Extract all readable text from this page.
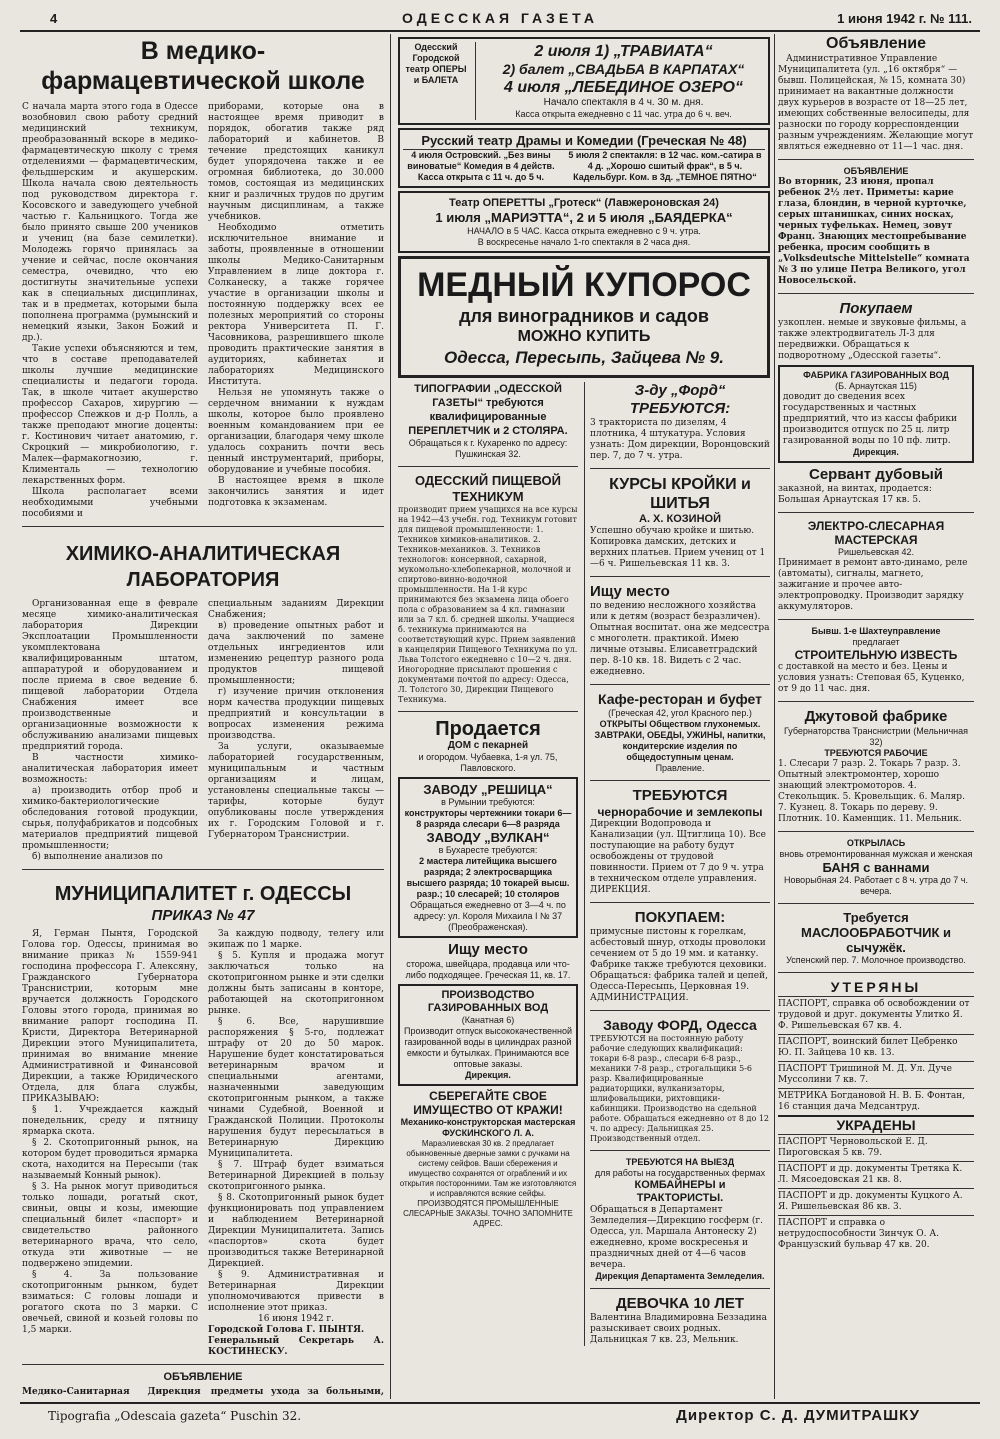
4	ОДЕССКАЯ ГАЗЕТА	1 июня 1942 г. № 111.

В медико-фармацевтической школе

С начала марта этого года в Одессе возобновил свою работу средний медицинский техникум, преобразованный вскоре в медико-фармацевтическую школу с тремя отделениями — фармацевтическим, фельдшерским и акушерским. Школа начала свою деятельность под руководством директора г. Косовского и заведующего учебной частью г. Кальницкого. Тогда же было принято свыше 200 учеников и учениц (на базе семилетки). Молодежь горячо принялась за учение и сейчас, после окончания семестра, очевидно, что ею достигнуты значительные успехи как в специальных дисциплинах, так и в предметах, которыми была пополнена программа (румынский и немецкий языки, Закон Божий и др.).

Такие успехи объясняются и тем, что в составе преподавателей школы лучшие медицинские специалисты и педагоги города. Так, в школе читает акушерство профессор Сахаров, хирургию — профессор Спежков и д-р Полль, а также преподают многие доценты: г. Костинович читает анатомию, г. Скроцкий — микробиологию, г. Малек—фармакогнозию, г. Клименталь — технологию лекарственных форм.

Школа располагает всеми необходимыми учебными пособиями и

приборами, которые она в настоящее время приводит в порядок, обогатив также ряд лабораторий и кабинетов. В течение предстоящих каникул будет упорядочена также и ее огромная библиотека, до 30.000 томов, состоящая из медицинских книг и различных трудов по другим научным дисциплинам, а также учебников.

Необходимо отметить исключительное внимание и заботы, проявленные в отношении школы Медико-Санитарным Управлением в лице доктора г. Солканеску, а также горячее участие в организации школы и постоянную поддержку всех ее полезных мероприятий со стороны ректора Университета П. Г. Часовникова, разрешившего школе проводить практические занятия в аудиториях, кабинетах и лабораториях Медицинского Института.

Нельзя не упомянуть также о сердечном внимании к нуждам школы, которое было проявлено военным командованием при ее организации, благодаря чему школе удалось сохранить почти весь ценный инструментарий, приборы, оборудование и учебные пособия.

В настоящее время в школе закончились занятия и идет подготовка к экзаменам.

ХИМИКО-АНАЛИТИЧЕСКАЯ ЛАБОРАТОРИЯ

Организованная еще в феврале месяце химико-аналитическая лаборатория Дирекции Эксплоатации Промышленности укомплектована квалифицированным штатом, аппаратурой и оборудованием и после приема в свое ведение б. пищевой лаборатории Отдела Снабжения имеет все производственные и организационные возможности к обслуживанию анализами пищевых предприятий города.

В частности химико-аналитическая лаборатория имеет возможность:

а) производить отбор проб и химико-бактериологические обследования готовой продукции, сырья, полуфабрикатов и подсобных материалов предприятий пищевой промышленности;

б) выполнение анализов по

специальным заданиям Дирекции Снабжения;

в) проведение опытных работ и дача заключений по замене отдельных ингредиентов или изменению рецептур разного рода продуктов пищевой промышленности;

г) изучение причин отклонения норм качества продукции пищевых предприятий и консультации в вопросах изменения режима производства.

За услуги, оказываемые лабораторией государственным, муниципальным и частным организациям и лицам, установлены специальные таксы — тарифы, которые будут опубликованы после утверждения их г. Городским Головой и г. Губернатором Транснистрии.

МУНИЦИПАЛИТЕТ г. ОДЕССЫ

ПРИКАЗ № 47

Я, Герман Пынтя, Городской Голова гор. Одессы, принимая во внимание приказ № 1559-941 господина профессора Г. Алексяну, Гражданского Губернатора Транснистрии, которым мне вручается должность Городского Головы этого города, принимая во внимание рапорт господина П. Кристи, Директора Ветеринарной Дирекции этого Муниципалитета, принимая во внимание мнение Административной и Финансовой Дирекции, а также Юридического Отдела, для блага службы, ПРИКАЗЫВАЮ:

§ 1. Учреждается каждый понедельник, среду и пятницу ярмарка скота.

§ 2. Скотопригонный рынок, на котором будет проводиться ярмарка скота, находится на Пересыпи (так называемый Конный рынок).

§ 3. На рынок могут приводиться только лошади, рогатый скот, свиньи, овцы и козы, имеющие специальный билет «паспорт» и свидетельство районного ветеринарного врача, что село, откуда эти животные — не подвержено эпидемии.

§ 4. За пользование скотопригонным рынком, будет взиматься: С головы лошади и рогатого скота по 3 марки. С овечьей, свиной и козьей головы по 1,5 марки.

За каждую подводу, телегу или экипаж по 1 марке.

§ 5. Купля и продажа могут заключаться только на скотопригонном рынке и эти сделки должны быть записаны в конторе, работающей на скотопригонном рынке.

§ 6. Все, нарушившие распоряжения § 5-го, подлежат штрафу от 20 до 50 марок. Нарушение будет констатироваться ветеринарным врачом и специальными агентами, назначенными заведующим скотопригонным рынком, а также чинами Судебной, Военной и Гражданской Полиции. Протоколы нарушения будут пересылаться в Ветеринарную Дирекцию Муниципалитета.

§ 7. Штраф будет взиматься Ветеринарной Дирекцией в пользу скотопригонного рынка.

§ 8. Скотопригонный рынок будет функционировать под управлением и наблюдением Ветеринарной Дирекции Муниципалитета. Запись «паспортов» скота будет производиться также Ветеринарной Дирекцией.

§ 9. Административная и Ветеринарная Дирекции уполномочиваются привести в исполнение этот приказ.

16 июня 1942 г.

Городской Голова Г. ПЫНТЯ.

Генеральный Секретарь А. КОСТИНЕСКУ.

ОБЪЯВЛЕНИЕ

Медико-Санитарная Дирекция предметы ухода за больными,

Одесский Городской театр ОПЕРЫ и БАЛЕТА

2 июля 1) „ТРАВИАТА“

2) балет „СВАДЬБА В КАРПАТАХ“

4 июля „ЛЕБЕДИНОЕ ОЗЕРО“

Начало спектакля в 4 ч. 30 м. дня.

Касса открыта ежедневно с 11 час. утра до 6 ч. веч.

Русский театр Драмы и Комедии (Греческая № 48)

4 июля Островский. „Без вины виноватые“ Комедия в 4 действ. Касса открыта с 11 ч. до 5 ч.

5 июля 2 спектакля: в 12 час. ком.-сатира в 4 д. „Хорошо сшитый фрак“, в 5 ч. Кадельбург. Ком. в 3д. „ТЕМНОЕ ПЯТНО“

Театр ОПЕРЕТТЫ „Гротеск“ (Лавжероновская 24)

1 июля „МАРИЭТТА“, 2 и 5 июля „БАЯДЕРКА“

НАЧАЛО в 5 ЧАС. Касса открыта ежедневно с 9 ч. утра.

В воскресенье начало 1-го спектакля в 2 часа дня.

МЕДНЫЙ КУПОРОС

для виноградников и садов

МОЖНО КУПИТЬ

Одесса, Пересыпь, Зайцева № 9.

ТИПОГРАФИИ „ОДЕССКОЙ ГАЗЕТЫ“ требуются квалифицированные ПЕРЕПЛЕТЧИК и 2 СТОЛЯРА.

Обращаться к г. Кухаренко по адресу: Пушкинская 32.

ОДЕССКИЙ ПИЩЕВОЙ ТЕХНИКУМ

производит прием учащихся на все курсы на 1942—43 учебн. год. Техникум готовит для пищевой промышленности: 1. Техников химиков-аналитиков. 2. Техников-механиков. 3. Техников технологов: консервной, сахарной, мукомольно-хлебопекарной, молочной и спиртово-винно-водочной промышленности. На 1-й курс принимаются без экзамена лица обоего пола с образованием за 4 кл. гимназии или за 7 кл. б. средней школы. Учащиеся б. техникума принимаются на соответствующий курс. Прием заявлений в канцелярии Пищевого Техникума по ул. Льва Толстого ежедневно с 10—2 ч. дня. Иногородние присылают прошения с документами почтой по адресу: Одесса, Л. Толстого 30, Дирекции Пищевого Техникума.

Продается

ДОМ с пекарней

и огородом. Чубаевка, 1-я ул. 75, Павловского.

ЗАВОДУ „РЕШИЦА“

в Румынии требуются:

конструкторы чертежники токари 6—8 разряда слесари 6—8 разряда

ЗАВОДУ „ВУЛКАН“

в Бухаресте требуются:

2 мастера литейщика высшего разряда; 2 электросварщика высшего разряда; 10 токарей высш. разр.; 10 слесарей; 10 столяров

Обращаться ежедневно от 3—4 ч. по адресу: ул. Короля Михаила I № 37 (Преображенская).

Ищу место

сторожа, швейцара, продавца или что-либо подходящее. Греческая 11, кв. 17.

ПРОИЗВОДСТВО ГАЗИРОВАННЫХ ВОД

(Канатная 6)

Производит отпуск высококачественной газированной воды в цилиндрах разной емкости и бутылках. Принимаются все оптовые заказы.

Дирекция.

СБЕРЕГАЙТЕ СВОЕ ИМУЩЕСТВО ОТ КРАЖИ!

Механико-конструкторская мастерская ФУСКИНСКОГО Л. А.

Мараэлиевская 30 кв. 2 предлагает обыкновенные дверные замки с ручками на систему сейфов. Ваши сбережения и имущество сохранятся от ограблений и их открытия посторонними. Там же изготовляются и исправляются всякие сейфы. ПРОИЗВОДЯТСЯ ПРОМЫШЛЕННЫЕ СЛЕСАРНЫЕ ЗАКАЗЫ. ТОЧНО ЗАПОМНИТЕ АДРЕС.

З-ду „Форд“ ТРЕБУЮТСЯ:

3 тракториста по дизелям, 4 плотника, 4 штукатура. Условия узнать: Дом дирекции, Воронцовский пер. 7, до 7 ч. утра.

КУРСЫ КРОЙКИ и ШИТЬЯ

А. Х. КОЗИНОЙ

Успешно обучаю кройке и шитью. Копировка дамских, детских и верхних платьев. Прием учениц от 1—6 ч. Ришельевская 11 кв. 3.

Ищу место

по ведению несложного хозяйства или к детям (возраст безразличен). Опытная воспитат. она же медсестра с многолетн. практикой. Имею личные отзывы. Елисаветградский пер. 8-10 кв. 18. Видеть с 2 час. ежедневно.

Кафе-ресторан и буфет

(Греческая 42, угол Красного пер.)

ОТКРЫТЫ Обществом глухонемых. ЗАВТРАКИ, ОБЕДЫ, УЖИНЫ, напитки, кондитерские изделия по общедоступным ценам.

Правление.

ТРЕБУЮТСЯ

чернорабочие и землекопы

Дирекции Водопровода и Канализации (ул. Щтиглица 10). Все поступающие на работу будут освобождены от трудовой повинности. Прием от 7 до 9 ч. утра в техническом отделе управления. ДИРЕКЦИЯ.

ПОКУПАЕМ:

примусные пистоны к горелкам, асбестовый шнур, отходы проволоки сечением от 5 до 19 мм. и катанку. Фабрике также требуются цеховики. Обращаться: фабрика талей и цепей, Одесса-Пересыпь, Церковная 19. АДМИНИСТРАЦИЯ.

Заводу ФОРД, Одесса

ТРЕБУЮТСЯ на постоянную работу рабочие следующих квалификаций: токари 6-8 разр., слесари 6-8 разр., механики 7-8 разр., строгальщики 5-6 разр. Квалифицированные радиаторщики, вулканизаторы, шлифовальщики, рихтовщики-кабинщики. Производство на сдельной работе. Обращаться ежедневно от 8 до 12 ч. по адресу: Дальницкая 25. Производственный отдел.

ТРЕБУЮТСЯ НА ВЫЕЗД

для работы на государственных фермах

КОМБАЙНЕРЫ и ТРАКТОРИСТЫ.

Обращаться в Департамент Земледелия—Дирекцию госферм (г. Одесса, ул. Маршала Антонеску 2) ежедневно, кроме воскресенья и праздничных дней от 4—6 часов вечера.

Дирекция Департамента Земледелия.

ДЕВОЧКА 10 ЛЕТ

Валентина Владимировна Беззадина разыскивает своих родных. Дальницкая 7 кв. 23, Мельник.

Объявление

Административное Управление Муниципалитета (ул. „16 октября“ — бывш. Полицейская, № 15, комната 30) принимает на вакантные должности двух курьеров в возрасте от 18—25 лет, имеющих собственные велосипеды, для разноски по городу корреспонденции разным учреждениям. Желающие могут являться ежедневно от 11—1 час. дня.

ОБЪЯВЛЕНИЕ

Во вторник, 23 июня, пропал ребенок 2½ лет. Приметы: карие глаза, блондин, в черной курточке, серых штанишках, синих носках, черных туфельках. Немец, зовут Франц. Знающих местопребывание ребенка, просим сообщить в „Volksdeutsche Mittelstelle“ комната № 3 по улице Петра Великого, угол Новосельской.

Покупаем

узкоплен. немые и звуковые фильмы, а также электродвигатель Л-3 для передвижки. Обращаться к подворотному „Одесской газеты“.

ФАБРИКА ГАЗИРОВАННЫХ ВОД

(Б. Арнаутская 115)

доводит до сведения всех государственных и частных предприятий, что из кассы фабрики производится отпуск по 25 ц. литр газированной воды по 10 пф. литр.

Дирекция.

Сервант дубовый

заказной, на винтах, продается: Большая Арнаутская 17 кв. 5.

ЭЛЕКТРО-СЛЕСАРНАЯ МАСТЕРСКАЯ

Ришельевская 42.

Принимает в ремонт авто-динамо, реле (автоматы), сигналы, магнето, зажигание и прочее авто-электропроводку. Производит зарядку аккумуляторов.

Бывш. 1-е Шахтеуправление

предлагает

СТРОИТЕЛЬНУЮ ИЗВЕСТЬ

с доставкой на место и без. Цены и условия узнать: Степовая 65, Куценко, от 9 до 11 час. дня.

Джутовой фабрике

Губернаторства Транснистрии (Мельничная 32)

ТРЕБУЮТСЯ РАБОЧИЕ

1. Слесари 7 разр. 2. Токарь 7 разр. 3. Опытный электромонтер, хорошо знающий электромоторов. 4. Стекольщик. 5. Кровельщик. 6. Маляр. 7. Кузнец. 8. Токарь по дереву. 9. Плотник. 10. Каменщик. 11. Мельник.

ОТКРЫЛАСЬ

вновь отремонтированная мужская и женская

БАНЯ с ваннами

Новорыбная 24. Работает с 8 ч. утра до 7 ч. вечера.

Требуется МАСЛООБРАБОТЧИК и сычужёк.

Успенский пер. 7. Молочное производство.

УТЕРЯНЫ

ПАСПОРТ, справка об освобождении от трудовой и друг. документы Улитко Я. Ф. Ришельевская 67 кв. 4.

ПАСПОРТ, воинский билет Цебренко Ю. П. Зайцева 10 кв. 13.

ПАСПОРТ Тришиной М. Д. Ул. Дуче Муссолини 7 кв. 7.

МЕТРИКА Богдановой Н. В. Б. Фонтан, 16 станция дача Медсантруд.

УКРАДЕНЫ

ПАСПОРТ Черновольской Е. Д. Пироговская 5 кв. 79.

ПАСПОРТ и др. документы Третяка К. Л. Мясоедовская 21 кв. 8.

ПАСПОРТ и др. документы Куцкого А. Я. Ришельевская 86 кв. 3.

ПАСПОРТ и справка о нетрудоспособности Зинчук О. А. Французский бульвар 47 кв. 20.

Tipografia „Odescaia gazeta“ Puschin 32.	Директор С. Д. ДУМИТРАШКУ
